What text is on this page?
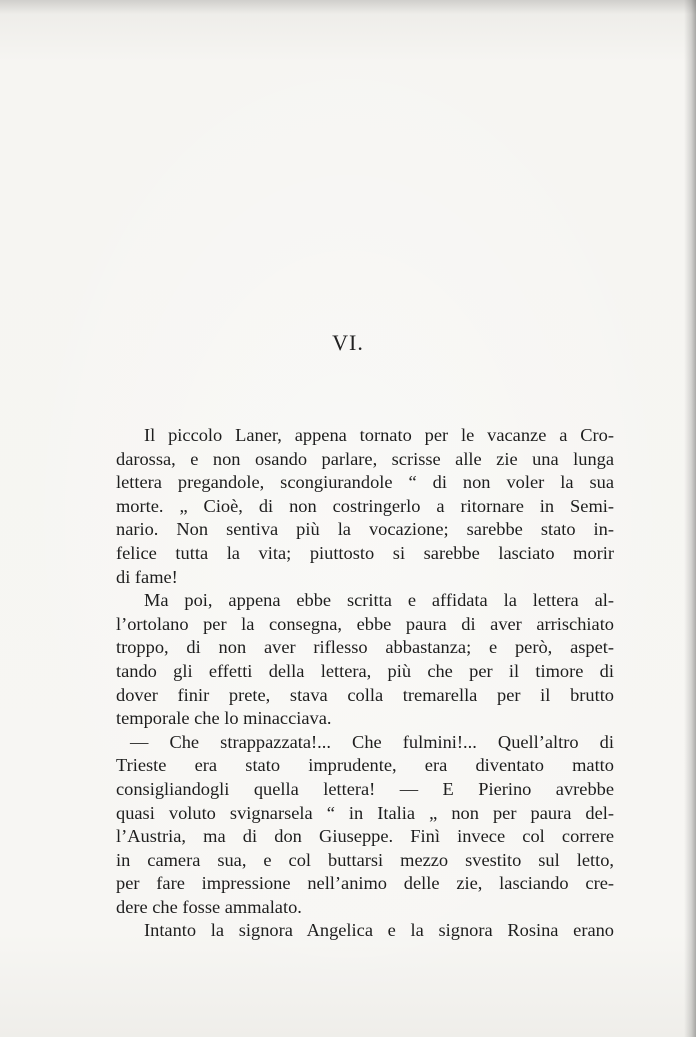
VI.
Il piccolo Laner, appena tornato per le vacanze a Cro-
darossa, e non osando parlare, scrisse alle zie una lunga
lettera pregandole, scongiurandole “ di non voler la sua
morte. „ Cioè, di non costringerlo a ritornare in Semi-
nario. Non sentiva più la vocazione; sarebbe stato in-
felice tutta la vita; piuttosto si sarebbe lasciato morir
di fame!
Ma poi, appena ebbe scritta e affidata la lettera al-
l’ortolano per la consegna, ebbe paura di aver arrischiato
troppo, di non aver riflesso abbastanza; e però, aspet-
tando gli effetti della lettera, più che per il timore di
dover finir prete, stava colla tremarella per il brutto
temporale che lo minacciava.
— Che strappazzata!... Che fulmini!... Quell’altro di
Trieste era stato imprudente, era diventato matto
consigliandogli quella lettera! — E Pierino avrebbe
quasi voluto svignarsela “ in Italia „ non per paura del-
l’Austria, ma di don Giuseppe. Finì invece col correre
in camera sua, e col buttarsi mezzo svestito sul letto,
per fare impressione nell’animo delle zie, lasciando cre-
dere che fosse ammalato.
Intanto la signora Angelica e la signora Rosina erano
